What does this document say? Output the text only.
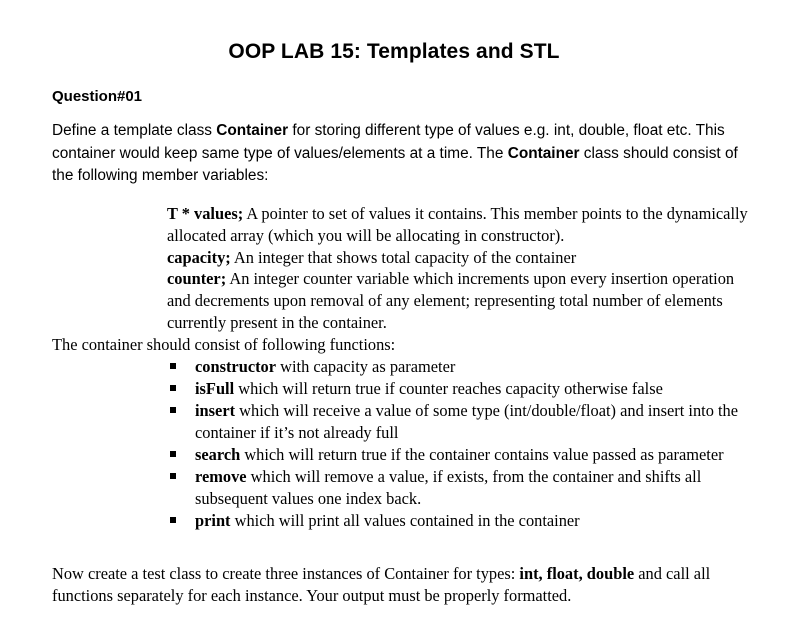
OOP LAB 15: Templates and STL
Question#01

Define a template class Container for storing different type of values e.g. int, double, float etc. This container would keep same type of values/elements at a time. The Container class should consist of the following member variables:

T * values; A pointer to set of values it contains. This member points to the dynamically allocated array (which you will be allocating in constructor).

capacity; An integer that shows total capacity of the container

counter; An integer counter variable which increments upon every insertion operation and decrements upon removal of any element; representing total number of elements currently present in the container.

The container should consist of following functions:
constructor with capacity as parameter
isFull which will return true if counter reaches capacity otherwise false
insert which will receive a value of some type (int/double/float) and insert into the container if it’s not already full
search which will return true if the container contains value passed as parameter
remove which will remove a value, if exists, from the container and shifts all subsequent values one index back.
print which will print all values contained in the container
Now create a test class to create three instances of Container for types: int, float, double and call all functions separately for each instance. Your output must be properly formatted.
